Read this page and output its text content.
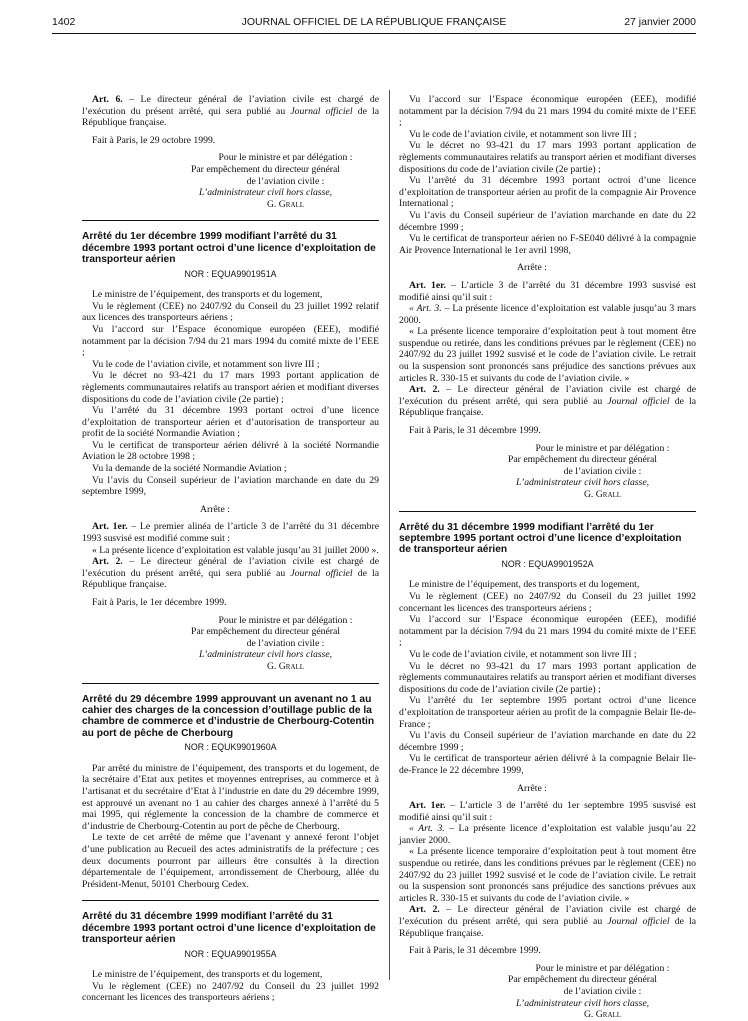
1402	JOURNAL OFFICIEL DE LA RÉPUBLIQUE FRANÇAISE	27 janvier 2000

Art. 6. – Le directeur général de l’aviation civile est chargé de l’exécution du présent arrêté, qui sera publié au Journal officiel de la République française.

Fait à Paris, le 29 octobre 1999.

Pour le ministre et par délégation :

Par empêchement du directeur général

de l’aviation civile :

L’administrateur civil hors classe,

G. Grall

Arrêté du 1er décembre 1999 modifiant l’arrêté du 31 décembre 1993 portant octroi d’une licence d’exploitation de transporteur aérien

NOR : EQUA9901951A

Le ministre de l’équipement, des transports et du logement,

Vu le règlement (CEE) no 2407/92 du Conseil du 23 juillet 1992 relatif aux licences des transporteurs aériens ;

Vu l’accord sur l’Espace économique européen (EEE), modifié notamment par la décision 7/94 du 21 mars 1994 du comité mixte de l’EEE ;

Vu le code de l’aviation civile, et notamment son livre III ;

Vu le décret no 93-421 du 17 mars 1993 portant application de règlements communautaires relatifs au transport aérien et modifiant diverses dispositions du code de l’aviation civile (2e partie) ;

Vu l’arrêté du 31 décembre 1993 portant octroi d’une licence d’exploitation de transporteur aérien et d’autorisation de transporteur au profit de la société Normandie Aviation ;

Vu le certificat de transporteur aérien délivré à la société Normandie Aviation le 28 octobre 1998 ;

Vu la demande de la société Normandie Aviation ;

Vu l’avis du Conseil supérieur de l’aviation marchande en date du 29 septembre 1999,

Arrête :

Art. 1er. – Le premier alinéa de l’article 3 de l’arrêté du 31 décembre 1993 susvisé est modifié comme suit :

« La présente licence d’exploitation est valable jusqu’au 31 juillet 2000 ».

Art. 2. – Le directeur général de l’aviation civile est chargé de l’exécution du présent arrêté, qui sera publié au Journal officiel de la République française.

Fait à Paris, le 1er décembre 1999.

Pour le ministre et par délégation :

Par empêchement du directeur général

de l’aviation civile :

L’administrateur civil hors classe,

G. Grall

Arrêté du 29 décembre 1999 approuvant un avenant no 1 au cahier des charges de la concession d’outillage public de la chambre de commerce et d’industrie de Cherbourg-Cotentin au port de pêche de Cherbourg

NOR : EQUK9901960A

Par arrêté du ministre de l’équipement, des transports et du logement, de la secrétaire d’Etat aux petites et moyennes entreprises, au commerce et à l’artisanat et du secrétaire d’Etat à l’industrie en date du 29 décembre 1999, est approuvé un avenant no 1 au cahier des charges annexé à l’arrêté du 5 mai 1995, qui réglemente la concession de la chambre de commerce et d’industrie de Cherbourg-Cotentin au port de pêche de Cherbourg.

Le texte de cet arrêté de même que l’avenant y annexé feront l’objet d’une publication au Recueil des actes administratifs de la préfecture ; ces deux documents pourront par ailleurs être consultés à la direction départementale de l’équipement, arrondissement de Cherbourg, allée du Président-Menut, 50101 Cherbourg Cedex.

Arrêté du 31 décembre 1999 modifiant l’arrêté du 31 décembre 1993 portant octroi d’une licence d’exploitation de transporteur aérien

NOR : EQUA9901955A

Le ministre de l’équipement, des transports et du logement,

Vu le règlement (CEE) no 2407/92 du Conseil du 23 juillet 1992 concernant les licences des transporteurs aériens ;

Vu l’accord sur l’Espace économique européen (EEE), modifié notamment par la décision 7/94 du 21 mars 1994 du comité mixte de l’EEE ;

Vu le code de l’aviation civile, et notamment son livre III ;

Vu le décret no 93-421 du 17 mars 1993 portant application de règlements communautaires relatifs au transport aérien et modifiant diverses dispositions du code de l’aviation civile (2e partie) ;

Vu l’arrêté du 31 décembre 1993 portant octroi d’une licence d’exploitation de transporteur aérien au profit de la compagnie Air Provence International ;

Vu l’avis du Conseil supérieur de l’aviation marchande en date du 22 décembre 1999 ;

Vu le certificat de transporteur aérien no F-SE040 délivré à la compagnie Air Provence International le 1er avril 1998,

Arrête :

Art. 1er. – L’article 3 de l’arrêté du 31 décembre 1993 susvisé est modifié ainsi qu’il suit :

« Art. 3. – La présente licence d’exploitation est valable jusqu’au 3 mars 2000.

« La présente licence temporaire d’exploitation peut à tout moment être suspendue ou retirée, dans les conditions prévues par le règlement (CEE) no 2407/92 du 23 juillet 1992 susvisé et le code de l’aviation civile. Le retrait ou la suspension sont prononcés sans préjudice des sanctions prévues aux articles R. 330-15 et suivants du code de l’aviation civile. »

Art. 2. – Le directeur général de l’aviation civile est chargé de l’exécution du présent arrêté, qui sera publié au Journal officiel de la République française.

Fait à Paris, le 31 décembre 1999.

Pour le ministre et par délégation :

Par empêchement du directeur général

de l’aviation civile :

L’administrateur civil hors classe,

G. Grall

Arrêté du 31 décembre 1999 modifiant l’arrêté du 1er septembre 1995 portant octroi d’une licence d’exploitation de transporteur aérien

NOR : EQUA9901952A

Le ministre de l’équipement, des transports et du logement,

Vu le règlement (CEE) no 2407/92 du Conseil du 23 juillet 1992 concernant les licences des transporteurs aériens ;

Vu l’accord sur l’Espace économique européen (EEE), modifié notamment par la décision 7/94 du 21 mars 1994 du comité mixte de l’EEE ;

Vu le code de l’aviation civile, et notamment son livre III ;

Vu le décret no 93-421 du 17 mars 1993 portant application de règlements communautaires relatifs au transport aérien et modifiant diverses dispositions du code de l’aviation civile (2e partie) ;

Vu l’arrêté du 1er septembre 1995 portant octroi d’une licence d’exploitation de transporteur aérien au profit de la compagnie Belair Ile-de-France ;

Vu l’avis du Conseil supérieur de l’aviation marchande en date du 22 décembre 1999 ;

Vu le certificat de transporteur aérien délivré à la compagnie Belair Ile-de-France le 22 décembre 1999,

Arrête :

Art. 1er. – L’article 3 de l’arrêté du 1er septembre 1995 susvisé est modifié ainsi qu’il suit :

« Art. 3. – La présente licence d’exploitation est valable jusqu’au 22 janvier 2000.

« La présente licence temporaire d’exploitation peut à tout moment être suspendue ou retirée, dans les conditions prévues par le règlement (CEE) no 2407/92 du 23 juillet 1992 susvisé et le code de l’aviation civile. Le retrait ou la suspension sont prononcés sans préjudice des sanctions prévues aux articles R. 330-15 et suivants du code de l’aviation civile. »

Art. 2. – Le directeur général de l’aviation civile est chargé de l’exécution du présent arrêté, qui sera publié au Journal officiel de la République française.

Fait à Paris, le 31 décembre 1999.

Pour le ministre et par délégation :

Par empêchement du directeur général

de l’aviation civile :

L’administrateur civil hors classe,

G. Grall
